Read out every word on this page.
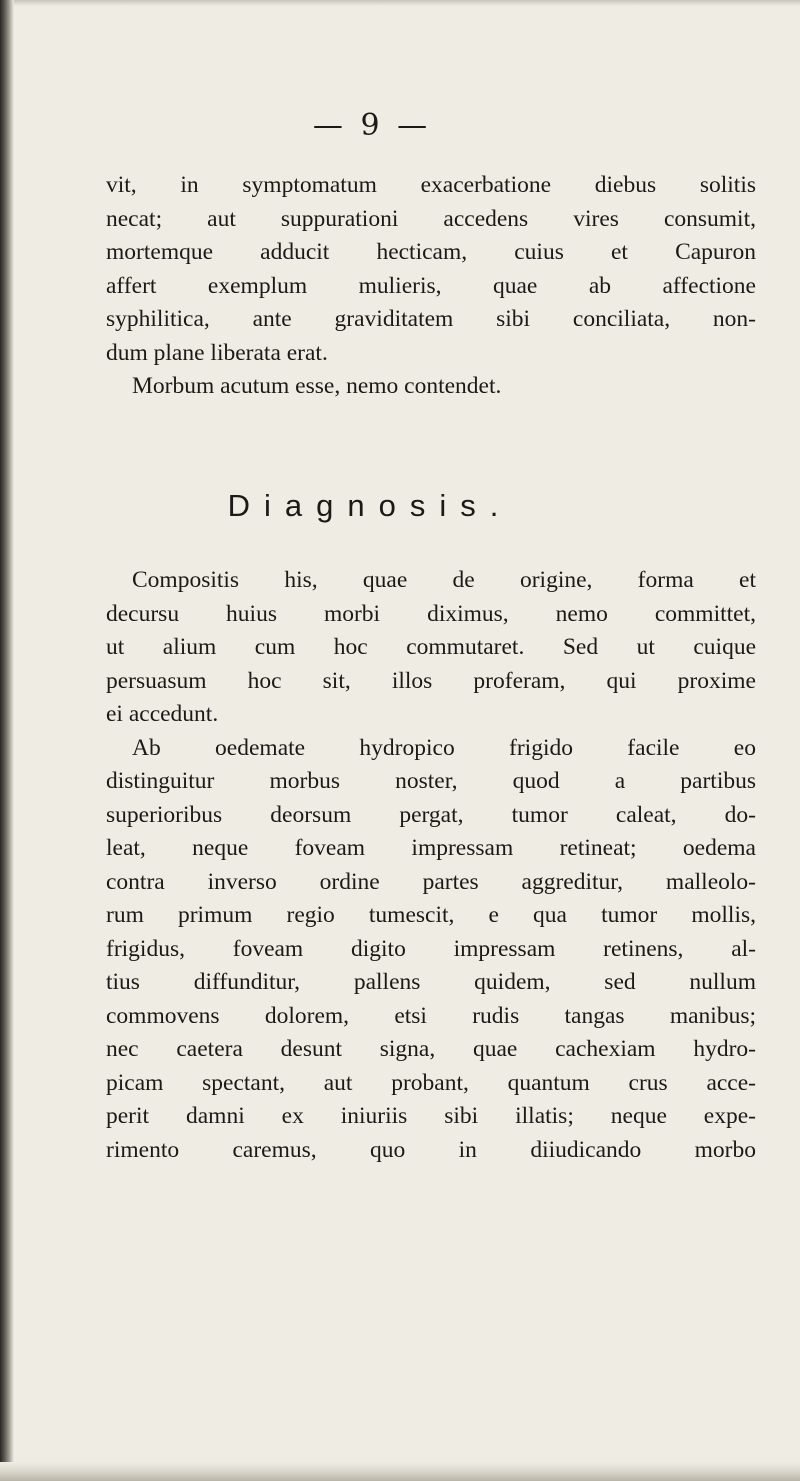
— 9 —
vit, in symptomatum exacerbatione diebus solitis
necat; aut suppurationi accedens vires consumit,
mortemque adducit hecticam, cuius et Capuron
affert exemplum mulieris, quae ab affectione
syphilitica, ante graviditatem sibi conciliata, non-
dum plane liberata erat.
Morbum acutum esse, nemo contendet.
Diagnosis.
Compositis his, quae de origine, forma et
decursu huius morbi diximus, nemo committet,
ut alium cum hoc commutaret. Sed ut cuique
persuasum hoc sit, illos proferam, qui proxime
ei accedunt.
Ab oedemate hydropico frigido facile eo
distinguitur morbus noster, quod a partibus
superioribus deorsum pergat, tumor caleat, do-
leat, neque foveam impressam retineat; oedema
contra inverso ordine partes aggreditur, malleolo-
rum primum regio tumescit, e qua tumor mollis,
frigidus, foveam digito impressam retinens, al-
tius diffunditur, pallens quidem, sed nullum
commovens dolorem, etsi rudis tangas manibus;
nec caetera desunt signa, quae cachexiam hydro-
picam spectant, aut probant, quantum crus acce-
perit damni ex iniuriis sibi illatis; neque expe-
rimento caremus, quo in diiudicando morbo
